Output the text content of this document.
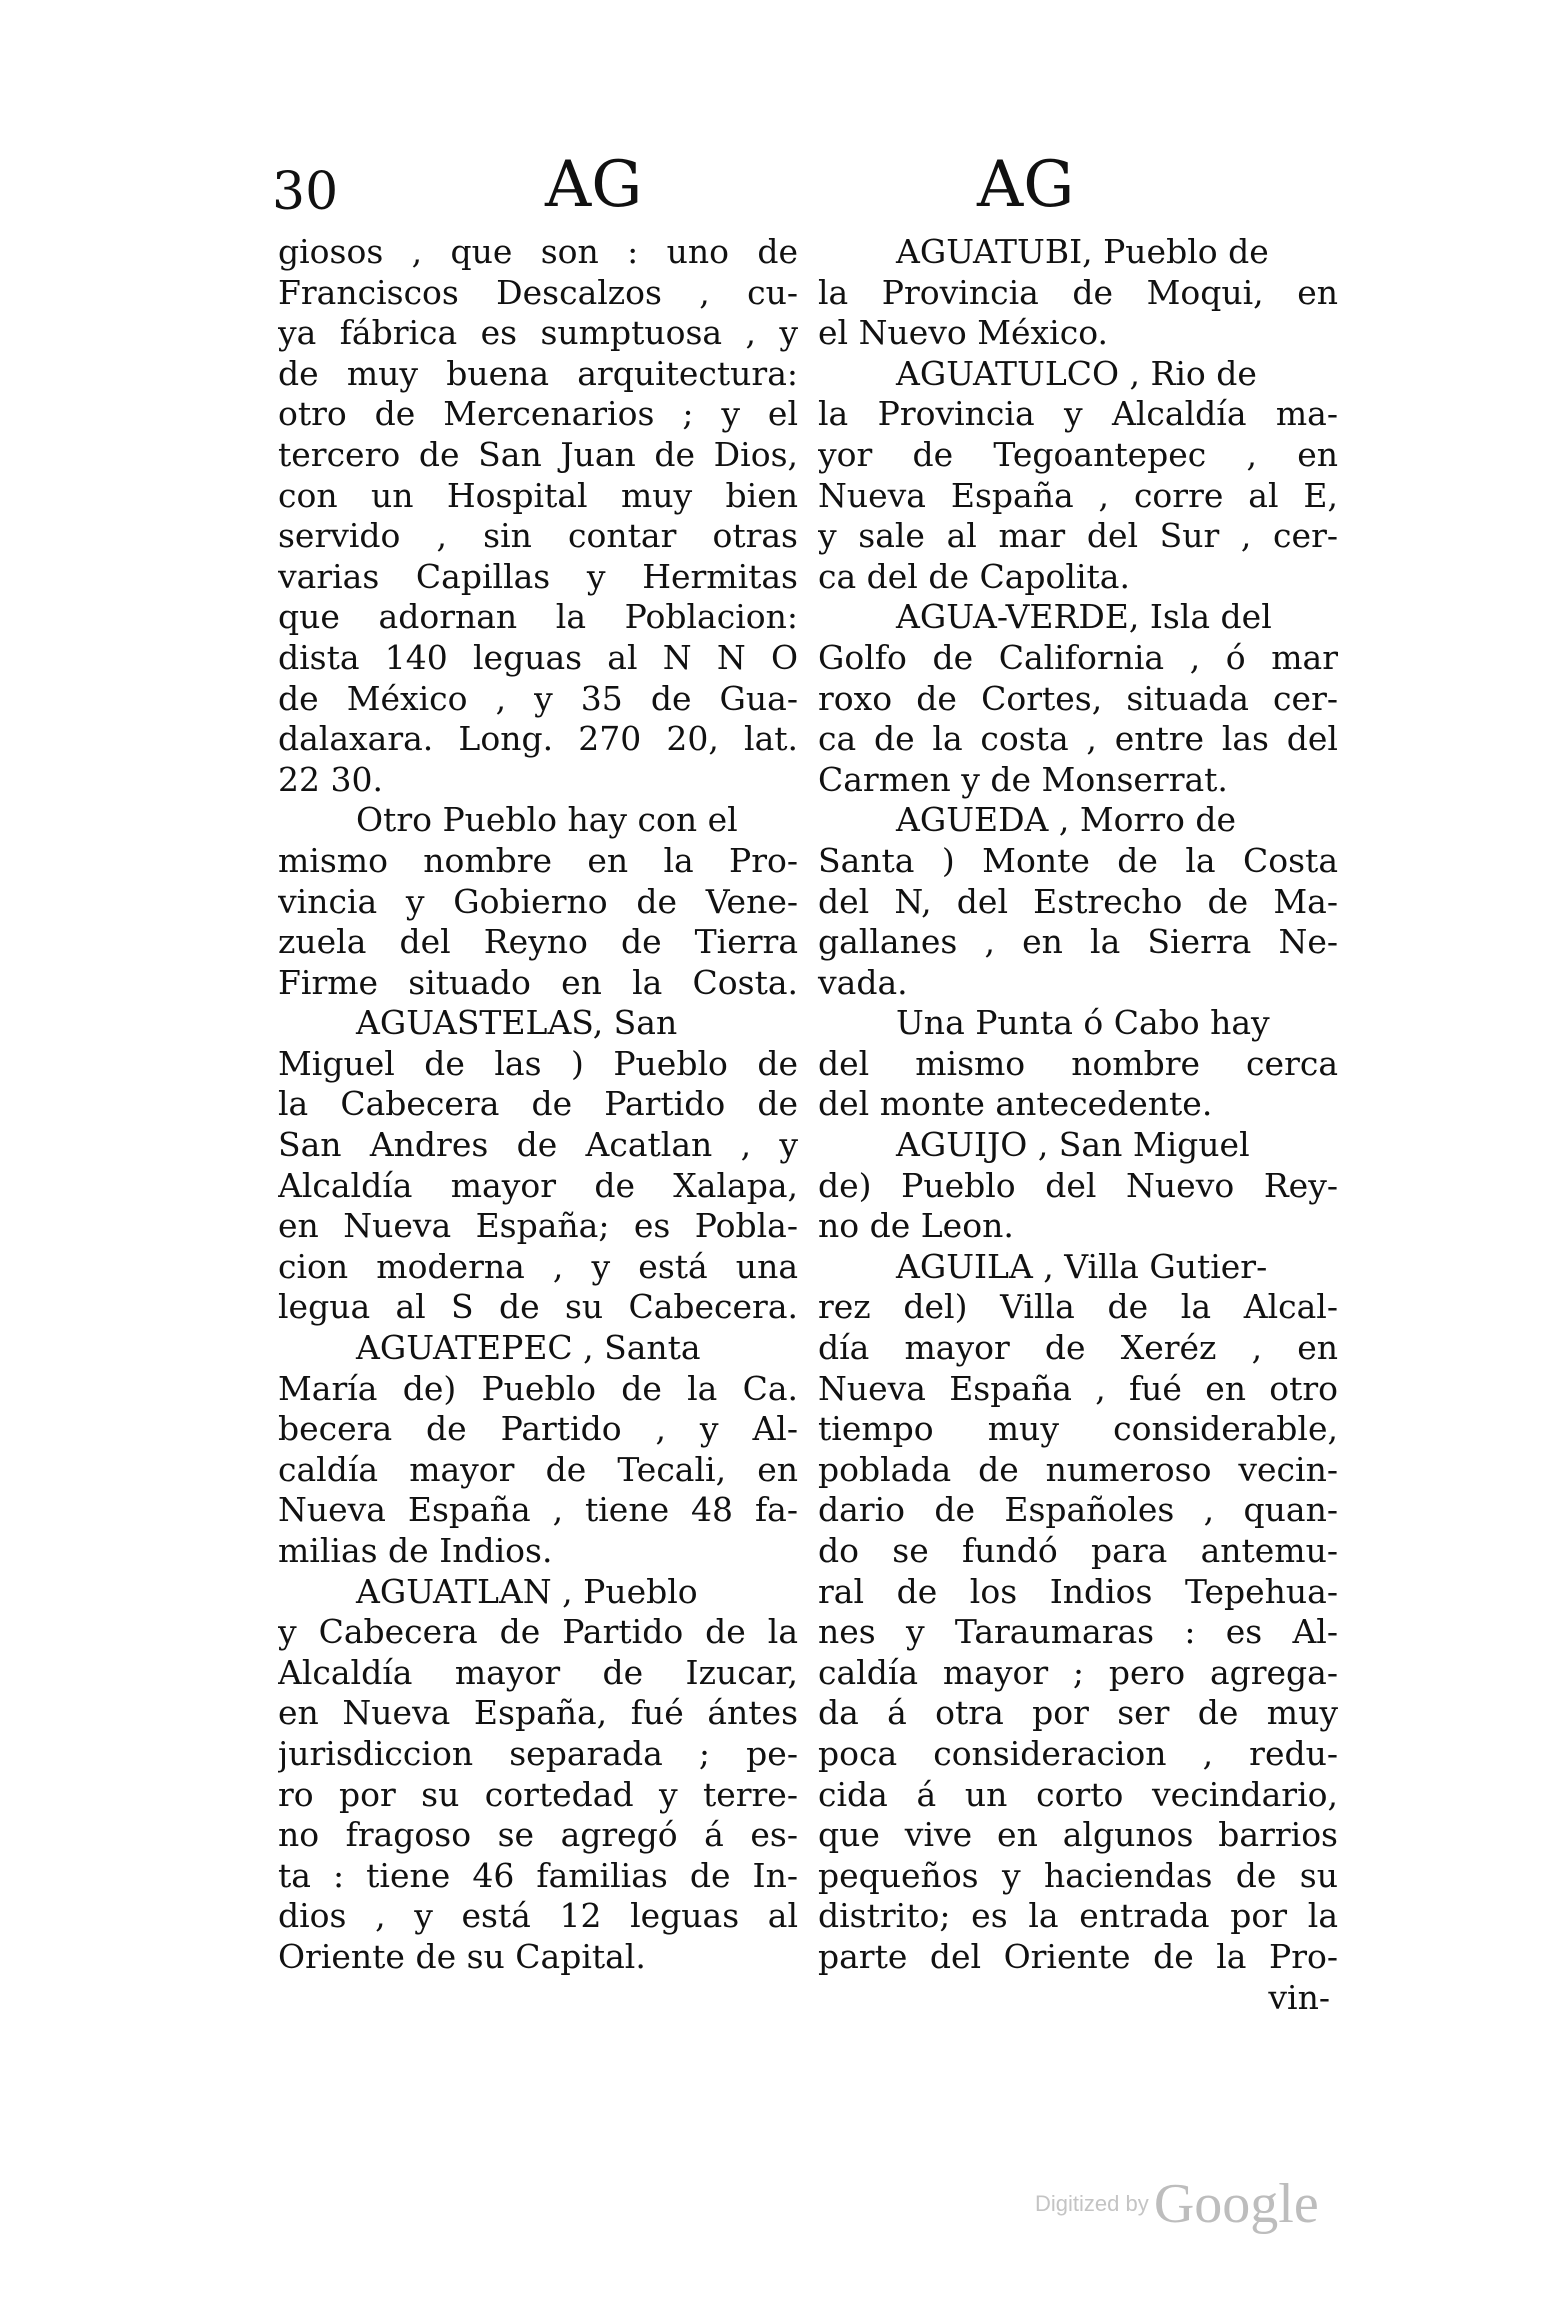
30	AG	AG
giosos , que son : uno de
Franciscos Descalzos , cu-
ya fábrica es sumptuosa , y
de muy buena arquitectura:
otro de Mercenarios ; y el
tercero de San Juan de Dios,
con un Hospital muy bien
servido , sin contar otras
varias Capillas y Hermitas
que adornan la Poblacion:
dista 140 leguas al N N O
de México , y 35 de Gua-
dalaxara. Long. 270 20, lat.
22 30.
Otro Pueblo hay con el
mismo nombre en la Pro-
vincia y Gobierno de Vene-
zuela del Reyno de Tierra
Firme situado en la Costa.
AGUASTELAS, San
Miguel de las ) Pueblo de
la Cabecera de Partido de
San Andres de Acatlan , y
Alcaldía mayor de Xalapa,
en Nueva España; es Pobla-
cion moderna , y está una
legua al S de su Cabecera.
AGUATEPEC , Santa
María de) Pueblo de la Ca.
becera de Partido , y Al-
caldía mayor de Tecali, en
Nueva España , tiene 48 fa-
milias de Indios.
AGUATLAN , Pueblo
y Cabecera de Partido de la
Alcaldía mayor de Izucar,
en Nueva España, fué ántes
jurisdiccion separada ; pe-
ro por su cortedad y terre-
no fragoso se agregó á es-
ta : tiene 46 familias de In-
dios , y está 12 leguas al
Oriente de su Capital.
AGUATUBI, Pueblo de
la Provincia de Moqui, en
el Nuevo México.
AGUATULCO , Rio de
la Provincia y Alcaldía ma-
yor de Tegoantepec , en
Nueva España , corre al E,
y sale al mar del Sur , cer-
ca del de Capolita.
AGUA-VERDE, Isla del
Golfo de California , ó mar
roxo de Cortes, situada cer-
ca de la costa , entre las del
Carmen y de Monserrat.
AGUEDA , Morro de
Santa ) Monte de la Costa
del N, del Estrecho de Ma-
gallanes , en la Sierra Ne-
vada.
Una Punta ó Cabo hay
del mismo nombre cerca
del monte antecedente.
AGUIJO , San Miguel
de) Pueblo del Nuevo Rey-
no de Leon.
AGUILA , Villa Gutier-
rez del) Villa de la Alcal-
día mayor de Xeréz , en
Nueva España , fué en otro
tiempo muy considerable,
poblada de numeroso vecin-
dario de Españoles , quan-
do se fundó para antemu-
ral de los Indios Tepehua-
nes y Taraumaras : es Al-
caldía mayor ; pero agrega-
da á otra por ser de muy
poca consideracion , redu-
cida á un corto vecindario,
que vive en algunos barrios
pequeños y haciendas de su
distrito; es la entrada por la
parte del Oriente de la Pro-
vin-
Digitized by Google
